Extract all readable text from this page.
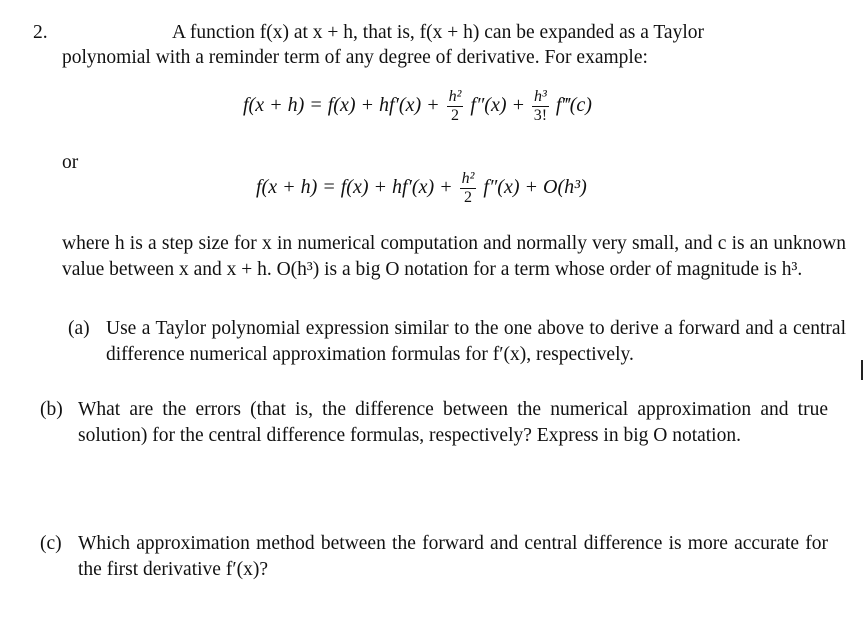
2.	A function f(x) at x + h, that is, f(x + h) can be expanded as a Taylor
polynomial with a reminder term of any degree of derivative. For example:
$f(x + h) = f(x) + hf'(x) + \frac{\text{h²}}{2} f''(x) + \frac{\text{h³}}{3!}$ f‴(c)
or
$f(x + h) = f(x) + hf'(x) + \frac{\text{h²}}{2} f''(x) + O(h^3)$
where h is a step size for x in numerical computation and normally very small, and c is an unknown value between x and x + h. O(h³) is a big O notation for a term whose order of magnitude is h³.
(a) Use a Taylor polynomial expression similar to the one above to derive a forward and a central difference numerical approximation formulas for f′(x), respectively.
(b) What are the errors (that is, the difference between the numerical approximation and true solution) for the central difference formulas, respectively? Express in big O notation.
(c) Which approximation method between the forward and central difference is more accurate for the first derivative f′(x)?
